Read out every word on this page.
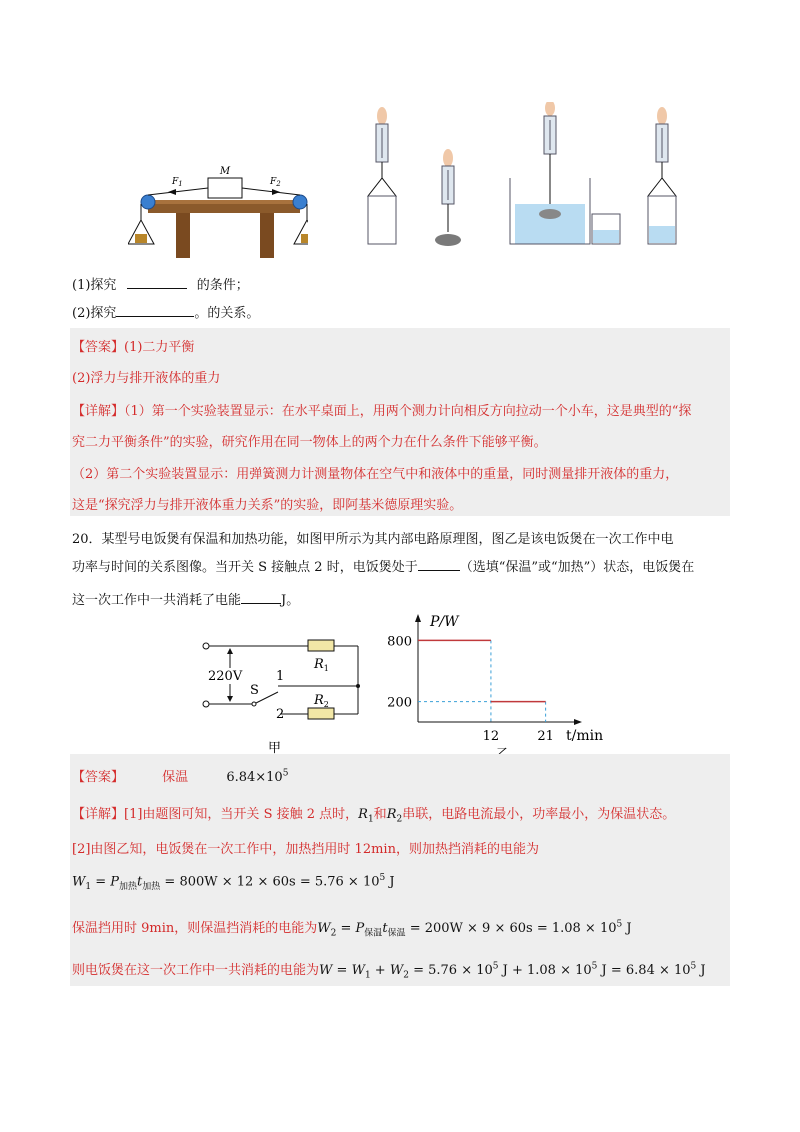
M
$F_1$	$F_2$
(1)探究	的条件；
(2)探究	。的关系。
【答案】(1)二力平衡
(2)浮力与排开液体的重力
【详解】（1）第一个实验装置显示：在水平桌面上，用两个测力计向相反方向拉动一个小车，这是典型的“探
究二力平衡条件”的实验，研究作用在同一物体上的两个力在什么条件下能够平衡。
（2）第二个实验装置显示：用弹簧测力计测量物体在空气中和液体中的重量，同时测量排开液体的重力，
这是“探究浮力与排开液体重力关系”的实验，即阿基米德原理实验。
20．某型号电饭煲有保温和加热功能，如图甲所示为其内部电路原理图，图乙是该电饭煲在一次工作中电
功率与时间的关系图像。当开关 S 接触点 2 时，电饭煲处于	（选填“保温”或“加热”）状态，电饭煲在
这一次工作中一共消耗了电能	J。
220V
S
1
2
$R_1$
$R_2$
甲
P/W
t/min
12	21
800
200
【答案】	保温	$6.84\times 10^5$
【详解】[1]由题图可知，当开关 S 接触 2 点时，$R_1$和$R_2$串联，电路电流最小，功率最小，为保温状态。
[2]由图乙知，电饭煲在一次工作中，加热挡用时 12min，则加热挡消耗的电能为
$W_1 = P_{加热}t_{加热} = 800W \times 12 \times 60s = 5.76 \times 10^5$ J
保温挡用时 9min，则保温挡消耗的电能为$W_2 = P_{保温}t_{保温} = 200W \times 9 \times 60s = 1.08 \times 10^5$ J
则电饭煲在这一次工作中一共消耗的电能为$W = W_1 + W_2 = 5.76 \times 10^5$ $J + 1.08 \times 10^5$ $J = 6.84 \times 10^5$ J
